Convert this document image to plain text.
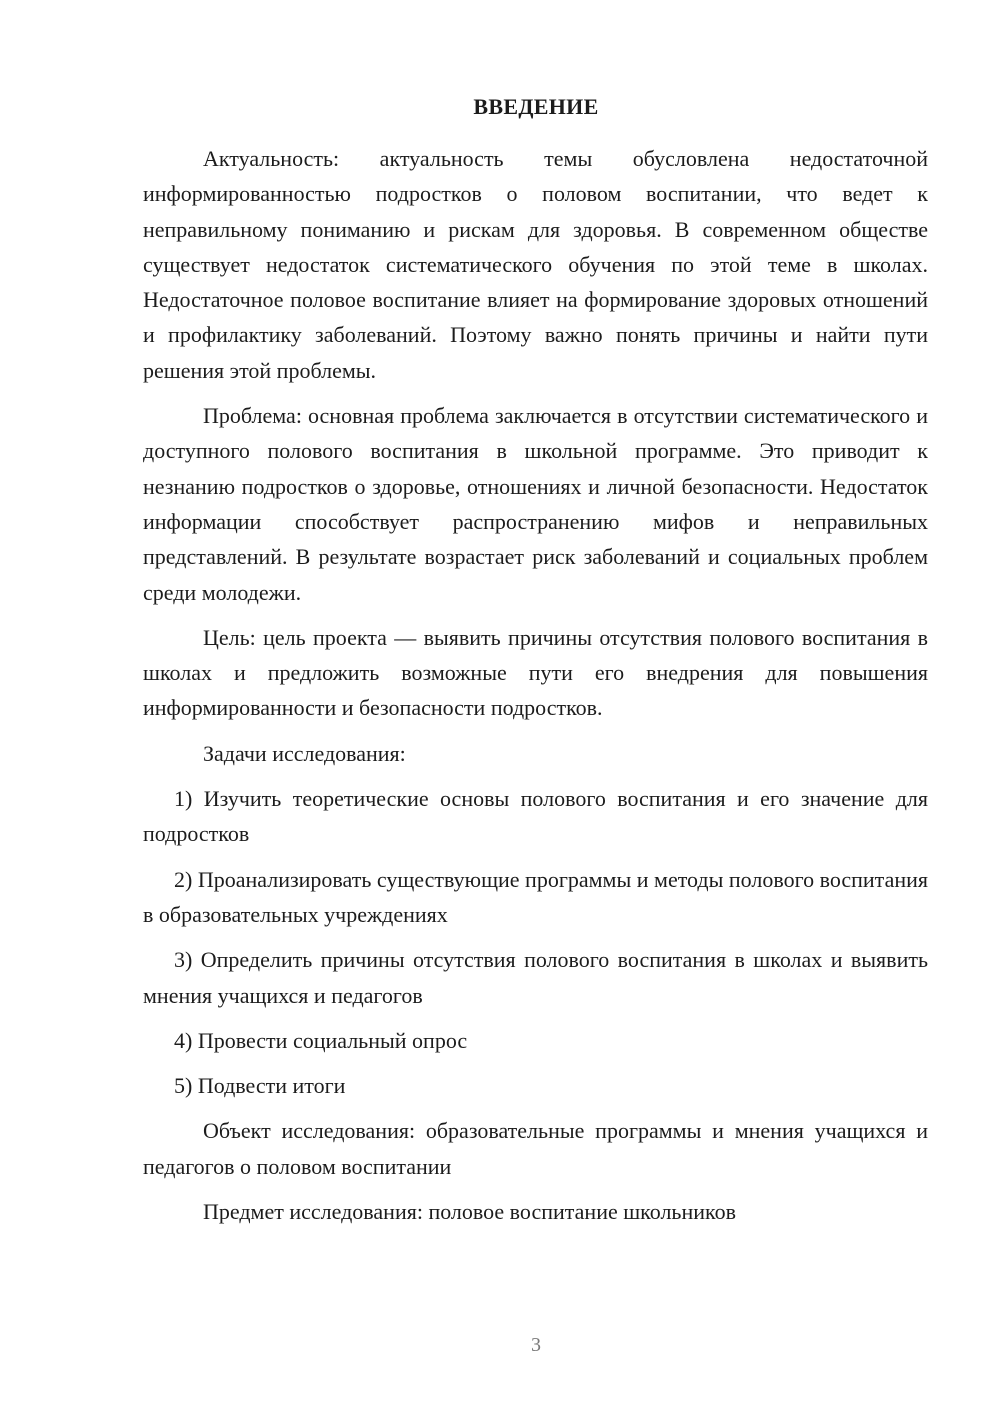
ВВЕДЕНИЕ

Актуальность: актуальность темы обусловлена недостаточной информированностью подростков о половом воспитании, что ведет к неправильному пониманию и рискам для здоровья. В современном обществе существует недостаток систематического обучения по этой теме в школах. Недостаточное половое воспитание влияет на формирование здоровых отношений и профилактику заболеваний. Поэтому важно понять причины и найти пути решения этой проблемы.

Проблема: основная проблема заключается в отсутствии систематического и доступного полового воспитания в школьной программе. Это приводит к незнанию подростков о здоровье, отношениях и личной безопасности. Недостаток информации способствует распространению мифов и неправильных представлений. В результате возрастает риск заболеваний и социальных проблем среди молодежи.

Цель: цель проекта — выявить причины отсутствия полового воспитания в школах и предложить возможные пути его внедрения для повышения информированности и безопасности подростков.

Задачи исследования:

1) Изучить теоретические основы полового воспитания и его значение для подростков

2) Проанализировать существующие программы и методы полового воспитания в образовательных учреждениях

3) Определить причины отсутствия полового воспитания в школах и выявить мнения учащихся и педагогов

4) Провести социальный опрос

5) Подвести итоги

Объект исследования: образовательные программы и мнения учащихся и педагогов о половом воспитании

Предмет исследования: половое воспитание школьников

3
